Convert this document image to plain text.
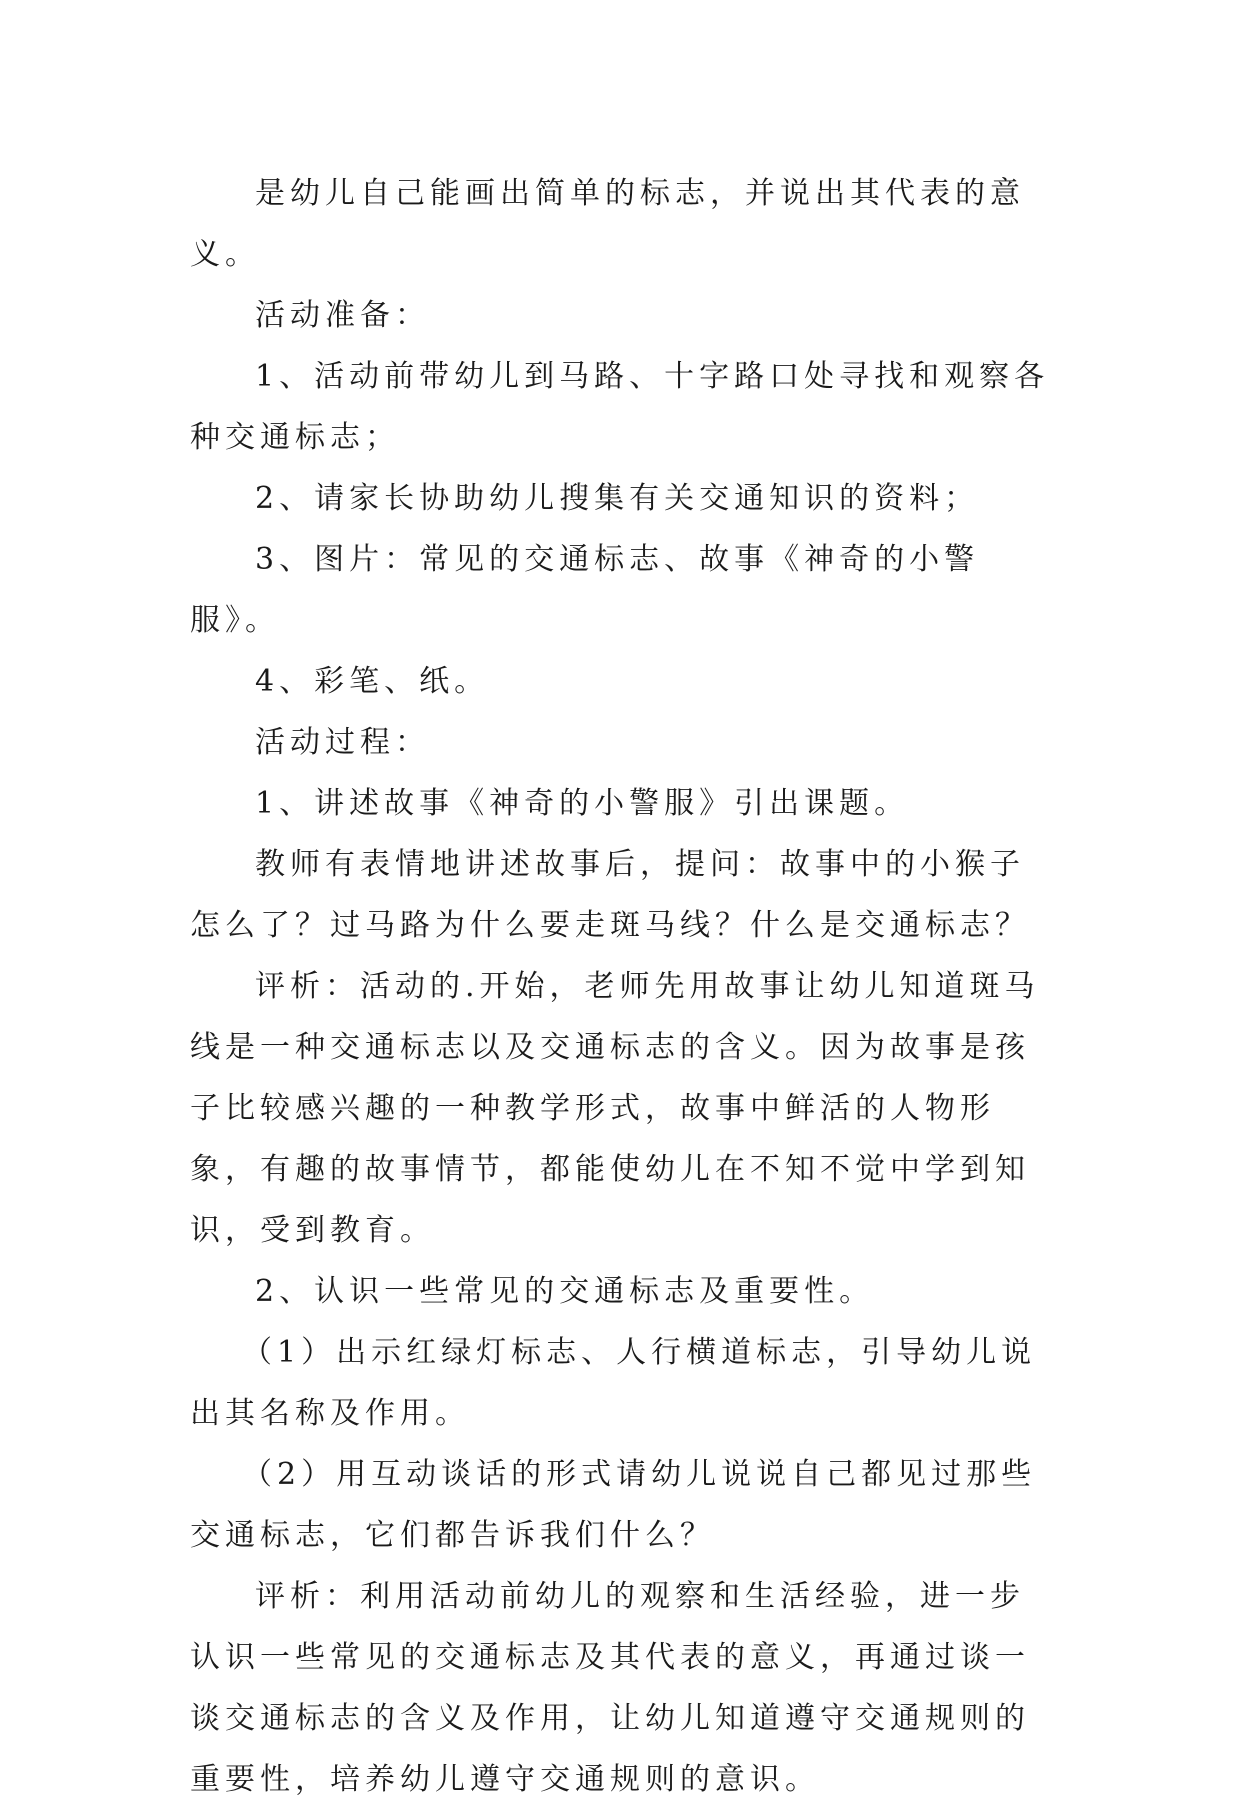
是幼儿自己能画出简单的标志，并说出其代表的意义。

活动准备：

1、活动前带幼儿到马路、十字路口处寻找和观察各种交通标志；

2、请家长协助幼儿搜集有关交通知识的资料；

3、图片：常见的交通标志、故事《神奇的小警服》。

4、彩笔、纸。

活动过程：

1、讲述故事《神奇的小警服》引出课题。

教师有表情地讲述故事后，提问：故事中的小猴子怎么了？过马路为什么要走斑马线？什么是交通标志？

评析：活动的.开始，老师先用故事让幼儿知道斑马线是一种交通标志以及交通标志的含义。因为故事是孩子比较感兴趣的一种教学形式，故事中鲜活的人物形象，有趣的故事情节，都能使幼儿在不知不觉中学到知识，受到教育。

2、认识一些常见的交通标志及重要性。

（1）出示红绿灯标志、人行横道标志，引导幼儿说出其名称及作用。

（2）用互动谈话的形式请幼儿说说自己都见过那些交通标志，它们都告诉我们什么？

评析：利用活动前幼儿的观察和生活经验，进一步认识一些常见的交通标志及其代表的意义，再通过谈一谈交通标志的含义及作用，让幼儿知道遵守交通规则的重要性，培养幼儿遵守交通规则的意识。
